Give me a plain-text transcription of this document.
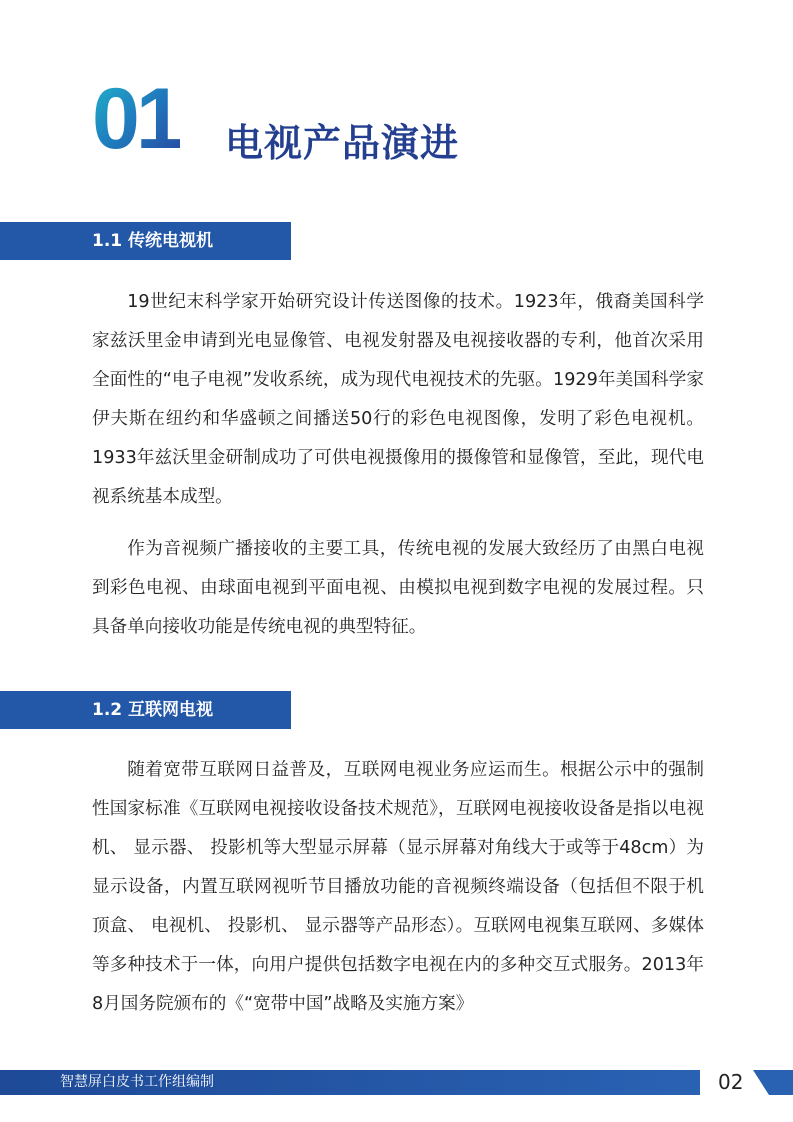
01 电视产品演进
1.1 传统电视机

19世纪末科学家开始研究设计传送图像的技术。1923年，俄裔美国科学家兹沃里金申请到光电显像管、电视发射器及电视接收器的专利，他首次采用全面性的“电子电视”发收系统，成为现代电视技术的先驱。1929年美国科学家伊夫斯在纽约和华盛顿之间播送50行的彩色电视图像，发明了彩色电视机。1933年兹沃里金研制成功了可供电视摄像用的摄像管和显像管，至此，现代电视系统基本成型。

作为音视频广播接收的主要工具，传统电视的发展大致经历了由黑白电视到彩色电视、由球面电视到平面电视、由模拟电视到数字电视的发展过程。只具备单向接收功能是传统电视的典型特征。

1.2 互联网电视

随着宽带互联网日益普及，互联网电视业务应运而生。根据公示中的强制性国家标准《互联网电视接收设备技术规范》，互联网电视接收设备是指以电视机、 显示器、 投影机等大型显示屏幕（显示屏幕对角线大于或等于48cm）为显示设备，内置互联网视听节目播放功能的音视频终端设备（包括但不限于机顶盒、 电视机、 投影机、 显示器等产品形态）。互联网电视集互联网、多媒体等多种技术于一体，向用户提供包括数字电视在内的多种交互式服务。2013年8月国务院颁布的《“宽带中国”战略及实施方案》

智慧屏白皮书工作组编制	02
